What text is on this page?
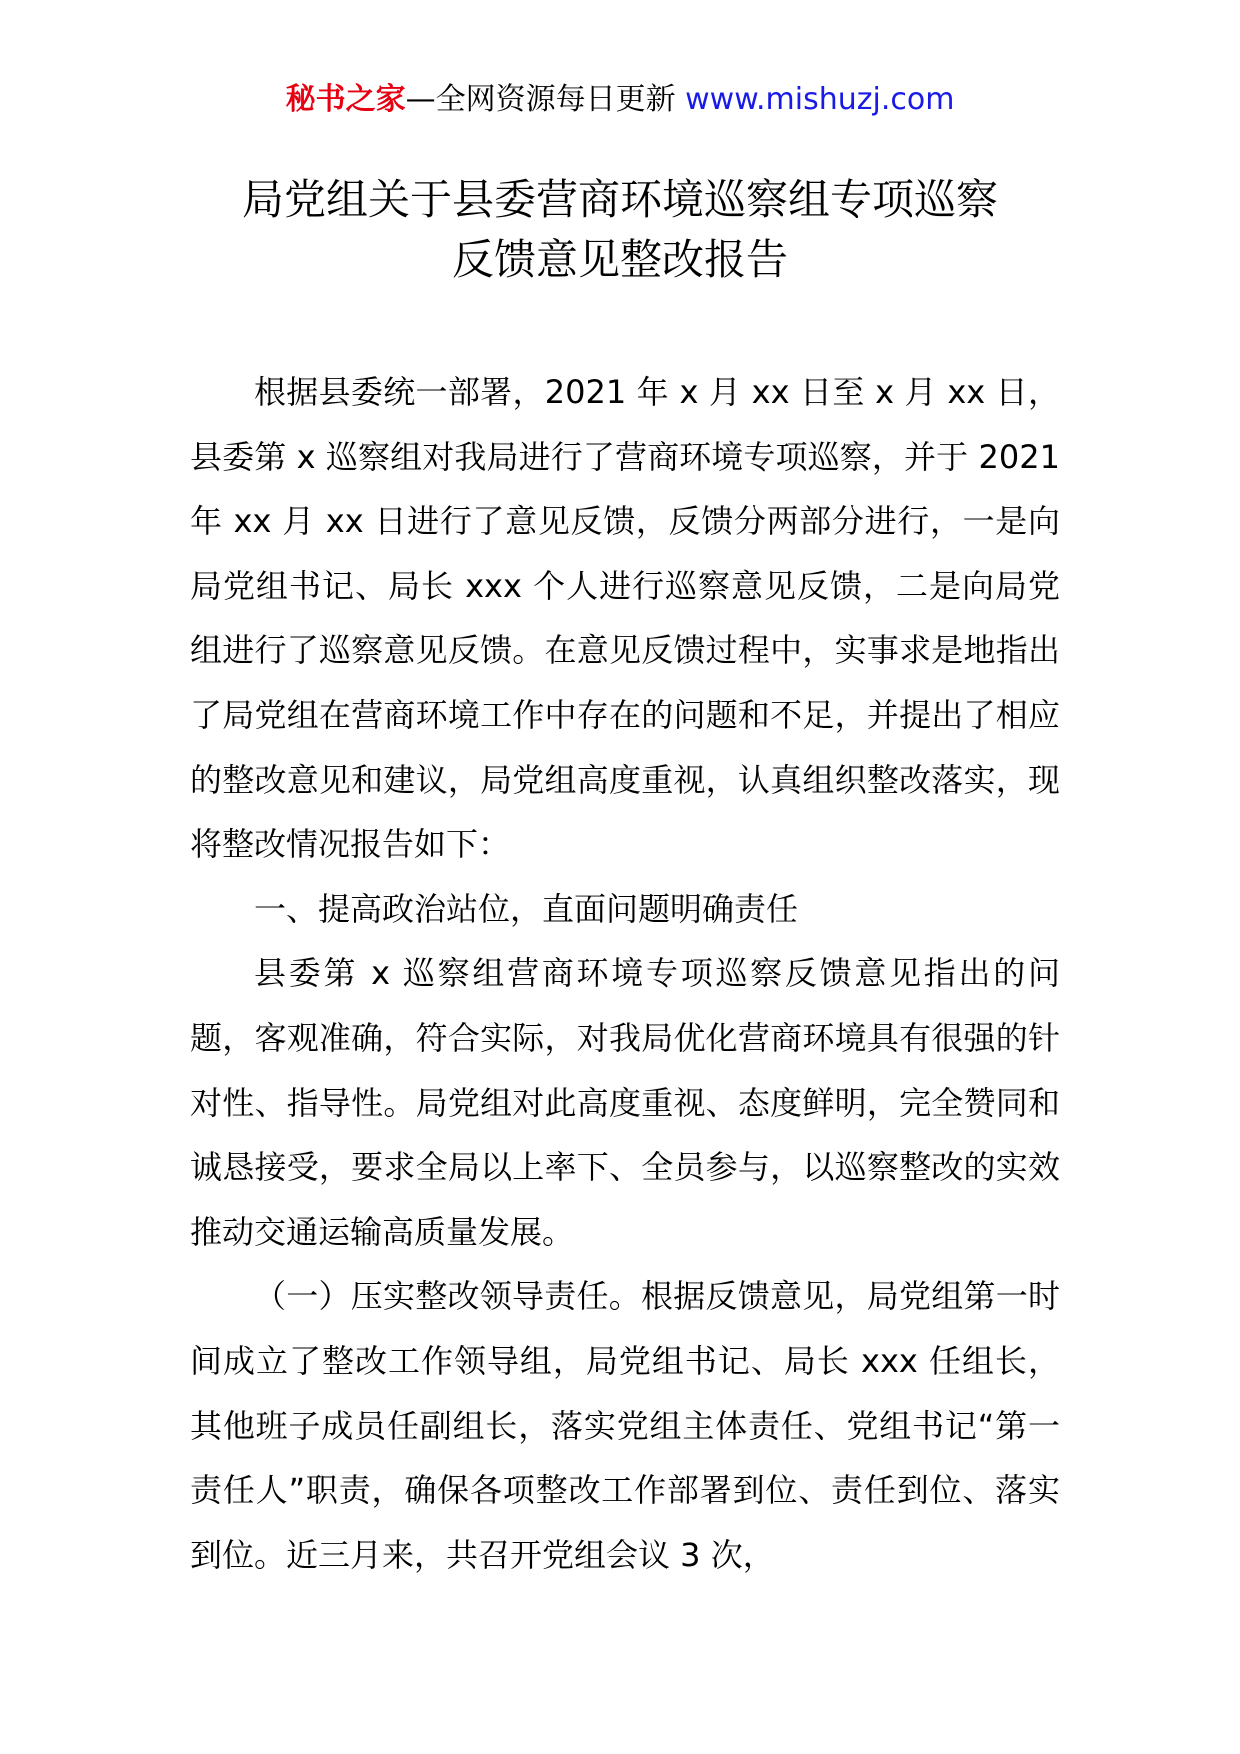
秘书之家—全网资源每日更新 www.mishuzj.com
局党组关于县委营商环境巡察组专项巡察
反馈意见整改报告

根据县委统一部署，2021 年 x 月 xx 日至 x 月 xx 日，县委第 x 巡察组对我局进行了营商环境专项巡察，并于 2021 年 xx 月 xx 日进行了意见反馈，反馈分两部分进行，一是向局党组书记、局长 xxx 个人进行巡察意见反馈，二是向局党组进行了巡察意见反馈。在意见反馈过程中，实事求是地指出了局党组在营商环境工作中存在的问题和不足，并提出了相应的整改意见和建议，局党组高度重视，认真组织整改落实，现将整改情况报告如下：

一、提高政治站位，直面问题明确责任

县委第 x 巡察组营商环境专项巡察反馈意见指出的问题，客观准确，符合实际，对我局优化营商环境具有很强的针对性、指导性。局党组对此高度重视、态度鲜明，完全赞同和诚恳接受，要求全局以上率下、全员参与，以巡察整改的实效推动交通运输高质量发展。

（一）压实整改领导责任。根据反馈意见，局党组第一时间成立了整改工作领导组，局党组书记、局长 xxx 任组长，其他班子成员任副组长，落实党组主体责任、党组书记“第一责任人”职责，确保各项整改工作部署到位、责任到位、落实到位。近三月来，共召开党组会议 3 次，
